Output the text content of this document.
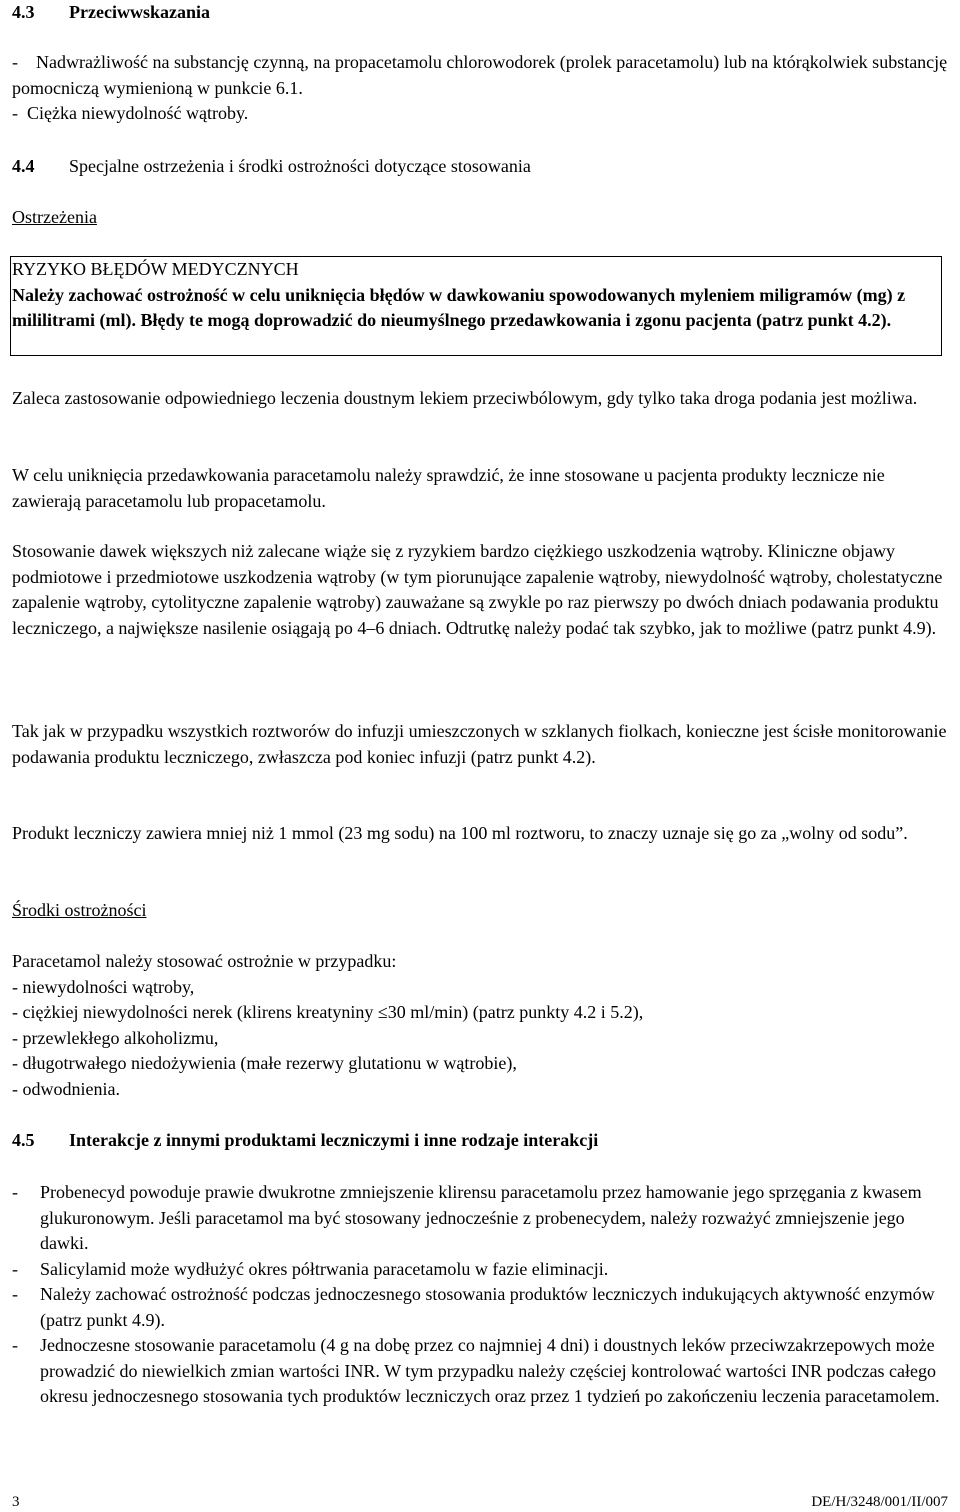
4.3 Przeciwwskazania

-    Nadwrażliwość na substancję czynną, na propacetamolu chlorowodorek (prolek paracetamolu) lub na którąkolwiek substancję pomocniczą wymienioną w punkcie 6.1.
-  Ciężka niewydolność wątroby.

4.4 Specjalne ostrzeżenia i środki ostrożności dotyczące stosowania

Ostrzeżenia

RYZYKO BŁĘDÓW MEDYCZNYCH

Należy zachować ostrożność w celu uniknięcia błędów w dawkowaniu spowodowanych myleniem miligramów (mg) z mililitrami (ml). Błędy te mogą doprowadzić do nieumyślnego przedawkowania i zgonu pacjenta (patrz punkt 4.2).

Zaleca zastosowanie odpowiedniego leczenia doustnym lekiem przeciwbólowym, gdy tylko taka droga podania jest możliwa.

W celu uniknięcia przedawkowania paracetamolu należy sprawdzić, że inne stosowane u pacjenta produkty lecznicze nie zawierają paracetamolu lub propacetamolu.

Stosowanie dawek większych niż zalecane wiąże się z ryzykiem bardzo ciężkiego uszkodzenia wątroby. Kliniczne objawy podmiotowe i przedmiotowe uszkodzenia wątroby (w tym piorunujące zapalenie wątroby, niewydolność wątroby, cholestatyczne zapalenie wątroby, cytolityczne zapalenie wątroby) zauważane są zwykle po raz pierwszy po dwóch dniach podawania produktu leczniczego, a największe nasilenie osiągają po 4–6 dniach. Odtrutkę należy podać tak szybko, jak to możliwe (patrz punkt 4.9).

Tak jak w przypadku wszystkich roztworów do infuzji umieszczonych w szklanych fiolkach, konieczne jest ścisłe monitorowanie podawania produktu leczniczego, zwłaszcza pod koniec infuzji (patrz punkt 4.2).

Produkt leczniczy zawiera mniej niż 1 mmol (23 mg sodu) na 100 ml roztworu, to znaczy uznaje się go za „wolny od sodu”.

Środki ostrożności

Paracetamol należy stosować ostrożnie w przypadku:

- niewydolności wątroby,

- ciężkiej niewydolności nerek (klirens kreatyniny ≤30 ml/min) (patrz punkty 4.2 i 5.2),

- przewlekłego alkoholizmu,

- długotrwałego niedożywienia (małe rezerwy glutationu w wątrobie),

- odwodnienia.

4.5 Interakcje z innymi produktami leczniczymi i inne rodzaje interakcji

- Probenecyd powoduje prawie dwukrotne zmniejszenie klirensu paracetamolu przez hamowanie jego sprzęgania z kwasem glukuronowym. Jeśli paracetamol ma być stosowany jednocześnie z probenecydem, należy rozważyć zmniejszenie jego dawki.
- Salicylamid może wydłużyć okres półtrwania paracetamolu w fazie eliminacji.
- Należy zachować ostrożność podczas jednoczesnego stosowania produktów leczniczych indukujących aktywność enzymów (patrz punkt 4.9).
- Jednoczesne stosowanie paracetamolu (4 g na dobę przez co najmniej 4 dni) i doustnych leków przeciwzakrzepowych może prowadzić do niewielkich zmian wartości INR. W tym przypadku należy częściej kontrolować wartości INR podczas całego okresu jednoczesnego stosowania tych produktów leczniczych oraz przez 1 tydzień po zakończeniu leczenia paracetamolem.
3	DE/H/3248/001/II/007
